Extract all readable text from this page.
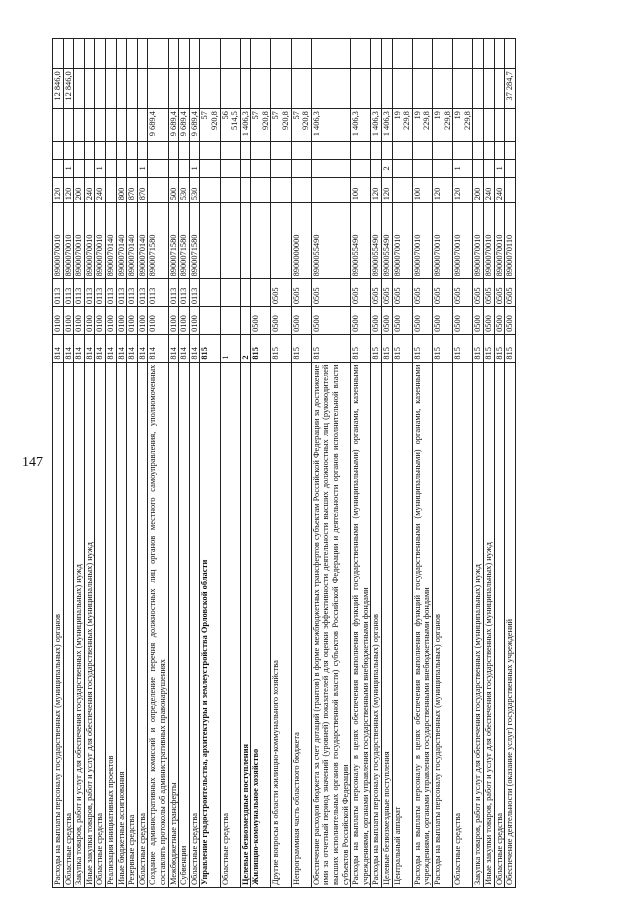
147
Расходы на выплаты персоналу государственных (муниципальных) органов	814	0100	0113	8900070010	120				12 846,0	
Областные средства	814	0100	0113	8900070010	120	1			12 846,0	
Закупка товаров, работ и услуг для обеспечения государственных (муниципальных) нужд	814	0100	0113	8900070010	200					
Иные закупки товаров, работ и услуг для обеспечения государственных (муниципальных) нужд	814	0100	0113	8900070010	240					
Областные средства	814	0100	0113	8900070010	240	1				
Реализация инициативных проектов	814	0100	0113	8900070140						
Иные бюджетные ассигнования	814	0100	0113	8900070140	800					
Резервные средства	814	0100	0113	8900070140	870					
Областные средства	814	0100	0113	8900070140	870	1				
Создание административных комиссий и определение перечня должностных лиц органов местного самоуправления, уполномоченных составлять протоколы об административных правонарушениях	814	0100	0113	8900071580				9 689,4		
Межбюджетные трансферты	814	0100	0113	8900071580	500			9 689,4		
Субвенции	814	0100	0113	8900071580	530			9 689,4		
Областные средства	814	0100	0113	8900071580	530	1		9 689,4		
Управление градостроительства, архитектуры и землеустройства Орловской области	815							57 920,8		
Областные средства	1							56 514,5		
Целевые безвозмездные поступления	2							1 406,3		
Жилищно-коммунальное хозяйство	815	0500						57 920,8		
Другие вопросы в области жилищно-коммунального хозяйства	815	0500	0505					57 920,8		
Непрограммная часть областного бюджета	815	0500	0505	8900000000				57 920,8		
Обеспечение расходов бюджета за счет дотаций (грантов) в форме межбюджетных трансфертов субъектам Российской Федерации за достижение ими за отчетный период значений (уровней) показателей для оценки эффективности деятельности высших должностных лиц (руководителей высших исполнительных органов государственной власти) субъектов Российской Федерации и деятельности органов исполнительной власти субъектов Российской Федерации	815	0500	0505	8900055490				1 406,3		
Расходы на выплаты персоналу в целях обеспечения выполнения функций государственными (муниципальными) органами, казенными учреждениями, органами управления государственными внебюджетными фондами	815	0500	0505	8900055490	100			1 406,3		
Расходы на выплаты персоналу государственных (муниципальных) органов	815	0500	0505	8900055490	120			1 406,3		
Целевые безвозмездные поступления	815	0500	0505	8900055490	120	2		1 406,3		
Центральный аппарат	815	0500	0505	8900070010				19 229,8		
Расходы на выплаты персоналу в целях обеспечения выполнения функций государственными (муниципальными) органами, казенными учреждениями, органами управления государственными внебюджетными фондами	815	0500	0505	8900070010	100			19 229,8		
Расходы на выплаты персоналу государственных (муниципальных) органов	815	0500	0505	8900070010	120			19 229,8		
Областные средства	815	0500	0505	8900070010	120	1		19 229,8		
Закупка товаров, работ и услуг для обеспечения государственных (муниципальных) нужд	815	0500	0505	8900070010	200					
Иные закупки товаров, работ и услуг для обеспечения государственных (муниципальных) нужд	815	0500	0505	8900070010	240					
Областные средства	815	0500	0505	8900070010	240	1				
Обеспечение деятельности (оказание услуг) государственных учреждений	815	0500	0505	8900070110					37 284,7	
